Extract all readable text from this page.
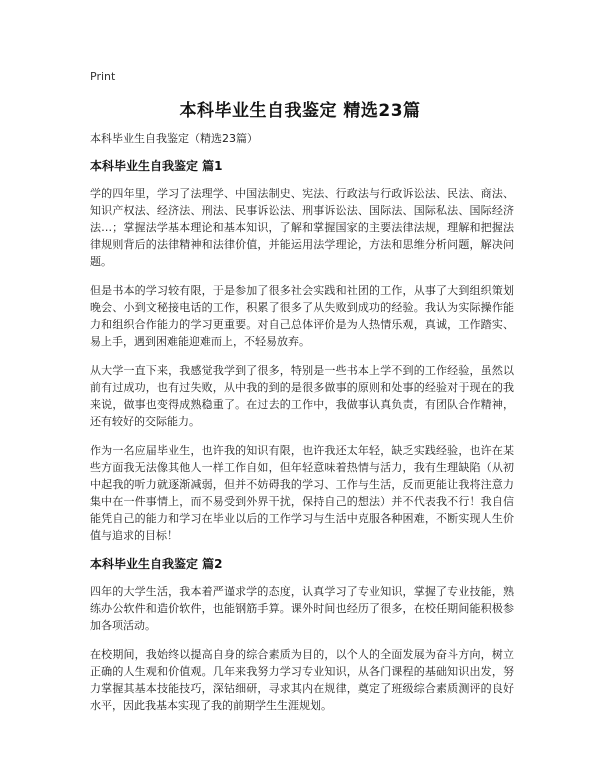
Print
本科毕业生自我鉴定 精选23篇
本科毕业生自我鉴定（精选23篇）
本科毕业生自我鉴定 篇1

学的四年里，学习了法理学、中国法制史、宪法、行政法与行政诉讼法、民法、商法、知识产权法、经济法、刑法、民事诉讼法、刑事诉讼法、国际法、国际私法、国际经济法…；掌握法学基本理论和基本知识，了解和掌握国家的主要法律法规，理解和把握法律规则背后的法律精神和法律价值，并能运用法学理论，方法和思维分析问题，解决问题。

但是书本的学习较有限，于是参加了很多社会实践和社团的工作，从事了大到组织策划晚会、小到文秘接电话的工作，积累了很多了从失败到成功的经验。我认为实际操作能力和组织合作能力的学习更重要。对自己总体评价是为人热情乐观，真诚，工作踏实、易上手，遇到困难能迎难而上，不轻易放弃。

从大学一直下来，我感觉我学到了很多，特别是一些书本上学不到的工作经验，虽然以前有过成功，也有过失败，从中我的到的是很多做事的原则和处事的经验对于现在的我来说，做事也变得成熟稳重了。在过去的工作中，我做事认真负责，有团队合作精神，还有较好的交际能力。

作为一名应届毕业生，也许我的知识有限，也许我还太年轻，缺乏实践经验，也许在某些方面我无法像其他人一样工作自如，但年轻意味着热情与活力，我有生理缺陷（从初中起我的听力就逐渐减弱，但并不妨碍我的学习、工作与生活，反而更能让我将注意力集中在一件事情上，而不易受到外界干扰，保持自己的想法）并不代表我不行！我自信能凭自己的能力和学习在毕业以后的工作学习与生活中克服各种困难，不断实现人生价值与追求的目标！

本科毕业生自我鉴定 篇2

四年的大学生活，我本着严谨求学的态度，认真学习了专业知识，掌握了专业技能，熟练办公软件和造价软件，也能钢筋手算。课外时间也经历了很多，在校任期间能积极参加各项活动。

在校期间，我始终以提高自身的综合素质为目的，以个人的全面发展为奋斗方向，树立正确的人生观和价值观。几年来我努力学习专业知识，从各门课程的基础知识出发，努力掌握其基本技能技巧，深钻细研，寻求其内在规律，奠定了班级综合素质测评的良好水平，因此我基本实现了我的前期学生生涯规划。
